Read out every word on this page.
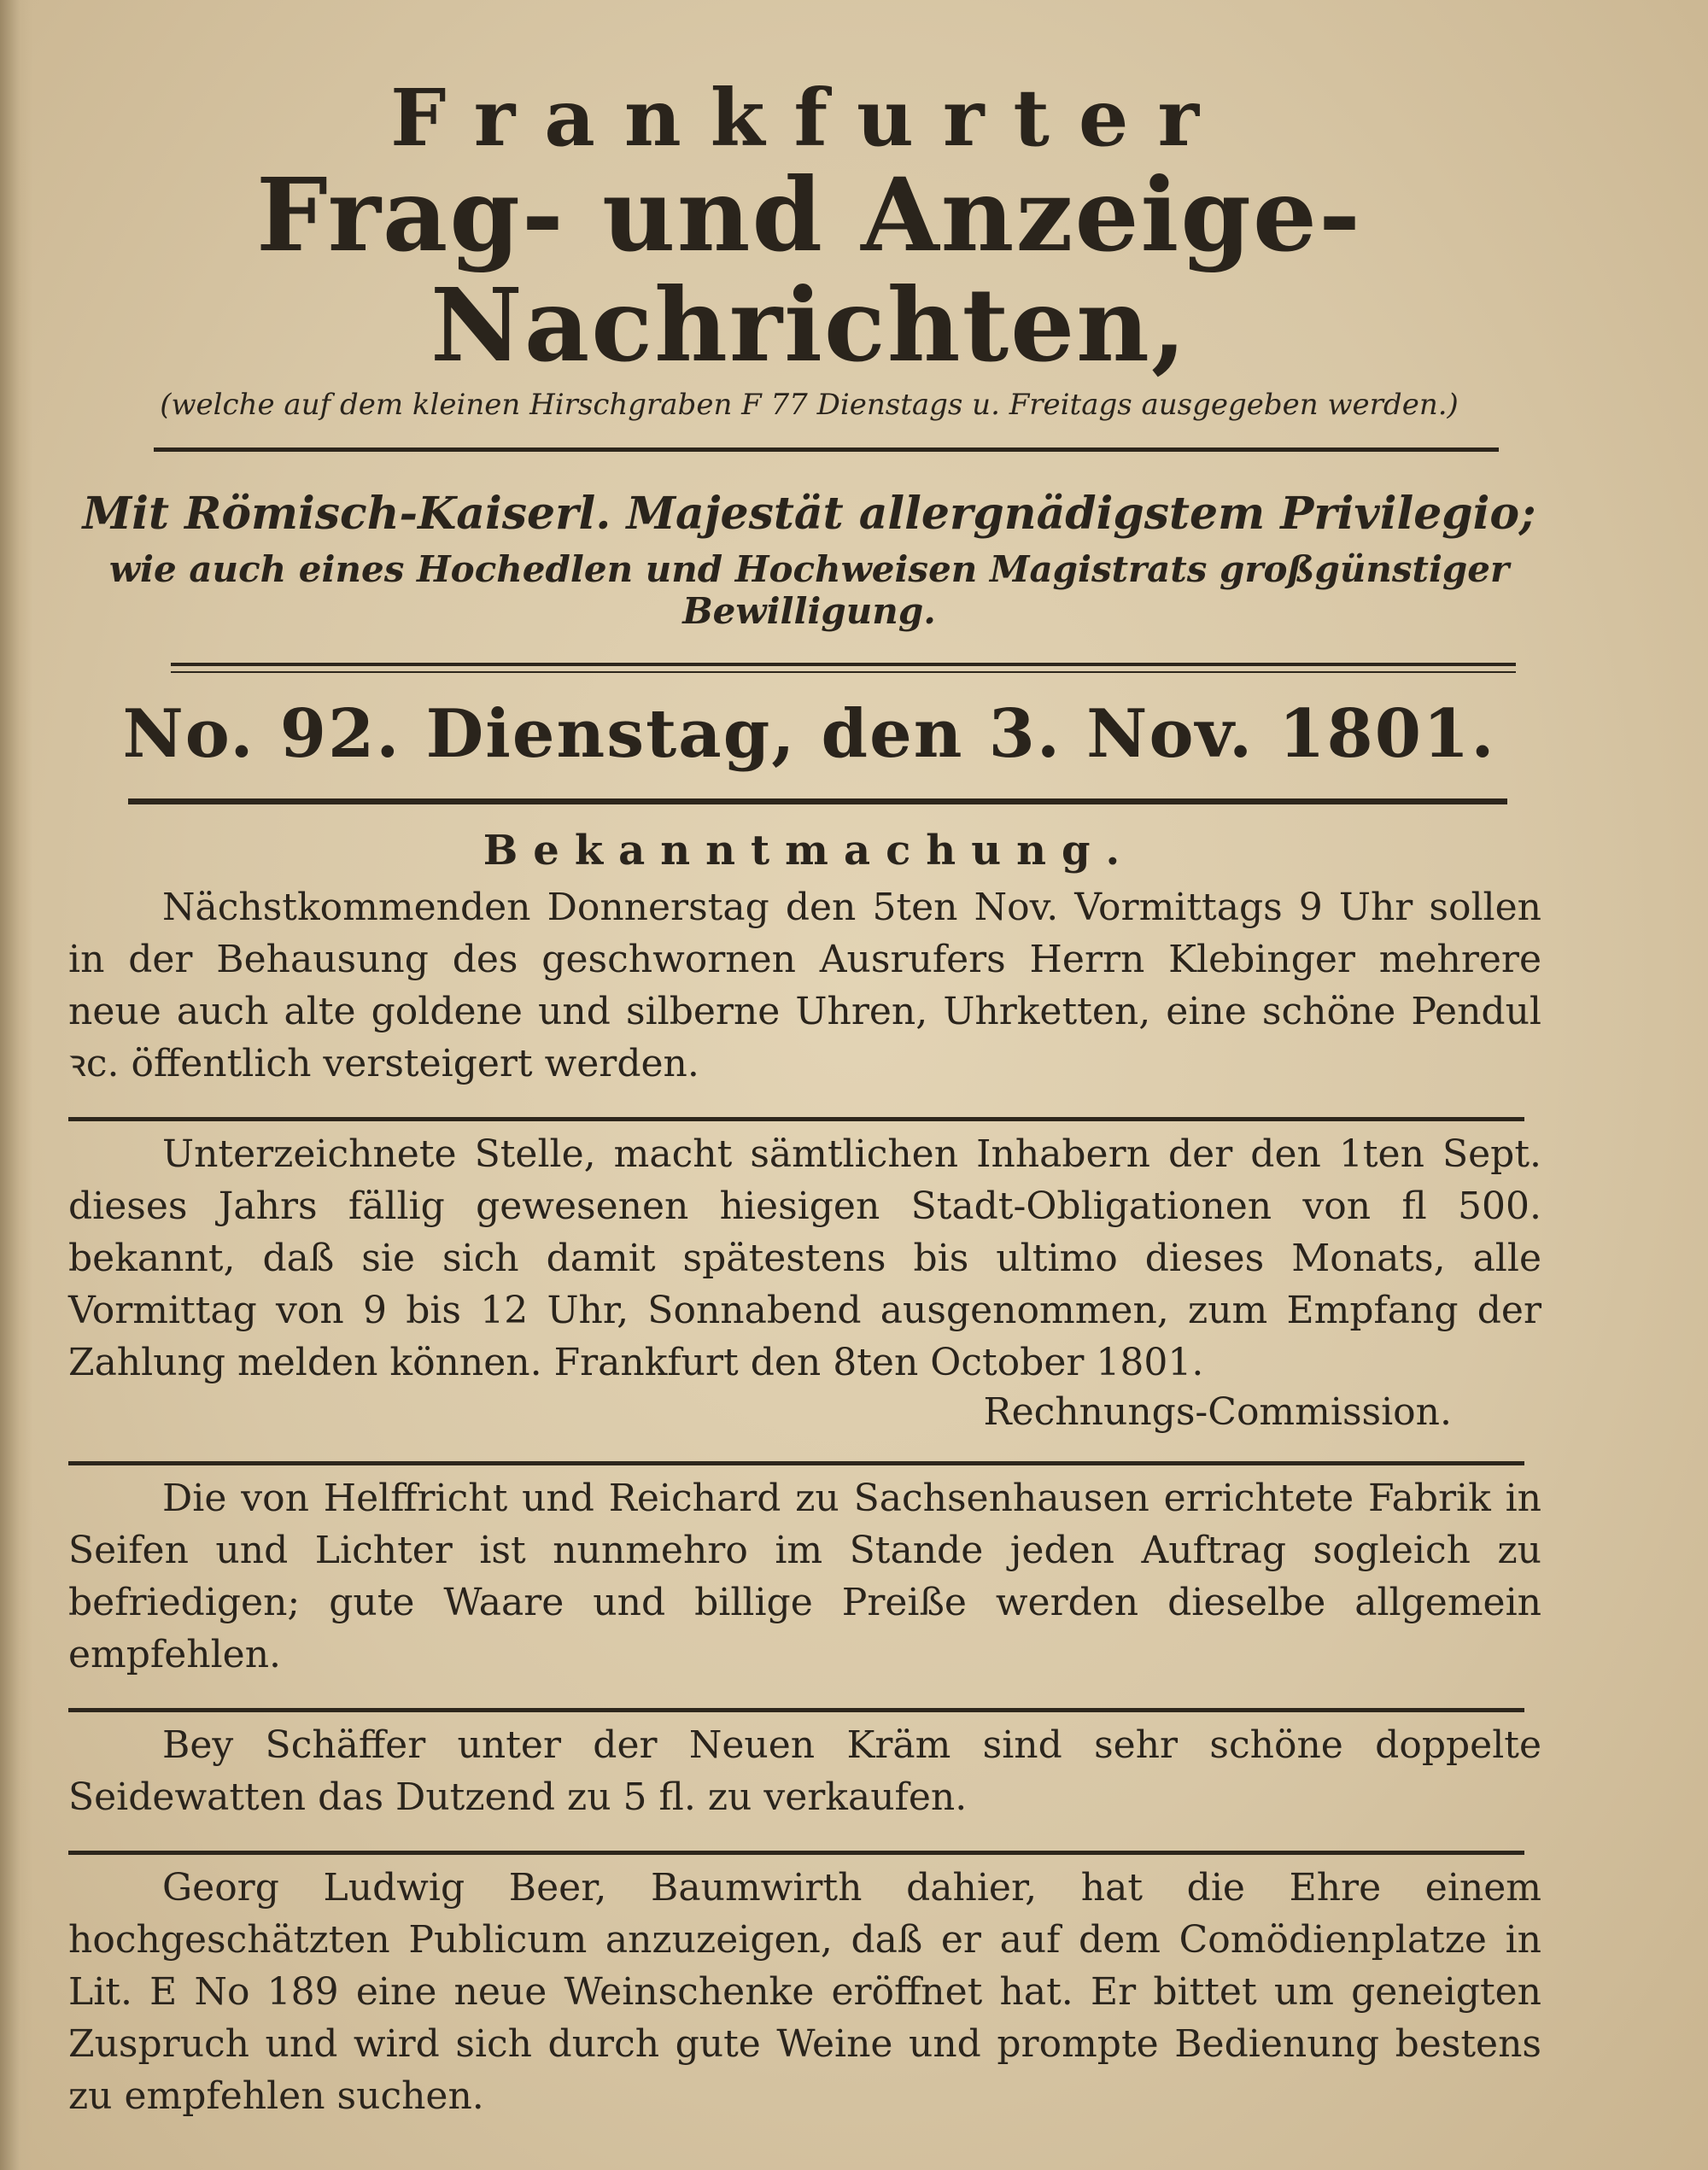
Frankfurter
Frag- und Anzeige-Nachrichten,
(welche auf dem kleinen Hirschgraben F 77 Dienstags u. Freitags ausgegeben werden.)
Mit Römisch-Kaiserl. Majestät allergnädigstem Privilegio;
wie auch eines Hochedlen und Hochweisen Magistrats großgünstiger Bewilligung.
No. 92. Dienstag, den 3. Nov. 1801.
Bekanntmachung.
Nächstkommenden Donnerstag den 5ten Nov. Vormittags 9 Uhr sollen in der Behausung des geschwornen Ausrufers Herrn Klebinger mehrere neue auch alte goldene und silberne Uhren, Uhrketten, eine schöne Pendul ꝛc. öffentlich versteigert werden.
Unterzeichnete Stelle, macht sämtlichen Inhabern der den 1ten Sept. dieses Jahrs fällig gewesenen hiesigen Stadt-Obligationen von fl 500. bekannt, daß sie sich damit spätestens bis ultimo dieses Monats, alle Vormittag von 9 bis 12 Uhr, Sonnabend ausgenommen, zum Empfang der Zahlung melden können. Frankfurt den 8ten October 1801.
Rechnungs-Commission.
Die von Helffricht und Reichard zu Sachsenhausen errichtete Fabrik in Seifen und Lichter ist nunmehro im Stande jeden Auftrag sogleich zu befriedigen; gute Waare und billige Preiße werden dieselbe allgemein empfehlen.
Bey Schäffer unter der Neuen Kräm sind sehr schöne doppelte Seidewatten das Dutzend zu 5 fl. zu verkaufen.
Georg Ludwig Beer, Baumwirth dahier, hat die Ehre einem hochgeschätzten Publicum anzuzeigen, daß er auf dem Comödienplatze in Lit. E No 189 eine neue Weinschenke eröffnet hat. Er bittet um geneigten Zuspruch und wird sich durch gute Weine und prompte Bedienung bestens zu empfehlen suchen.
